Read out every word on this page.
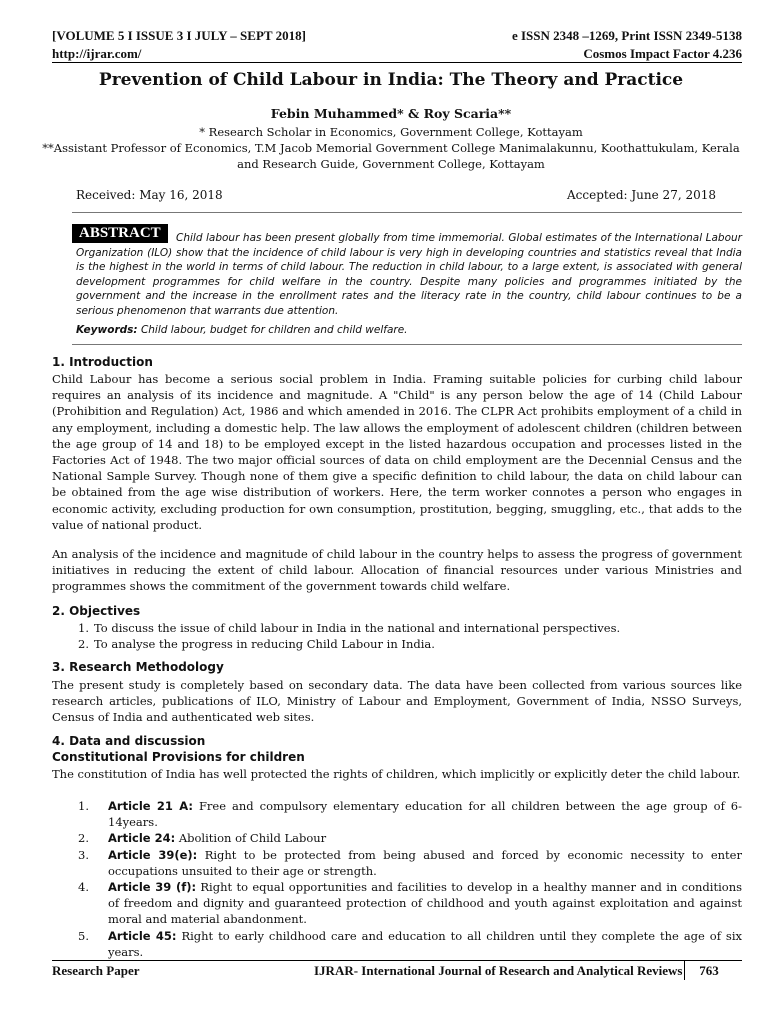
[VOLUME 5 I ISSUE 3 I JULY – SEPT 2018]	e ISSN 2348 –1269, Print ISSN 2349-5138
http://ijrar.com/	Cosmos Impact Factor 4.236
Prevention of Child Labour in India: The Theory and Practice
Febin Muhammed* & Roy Scaria**
* Research Scholar in Economics, Government College, Kottayam
**Assistant Professor of Economics, T.M Jacob Memorial Government College Manimalakunnu, Koothattukulam, Kerala and Research Guide, Government College, Kottayam
Received: May 16, 2018	Accepted: June 27, 2018
Child labour has been present globally from time immemorial. Global estimates of the International Labour Organization (ILO) show that the incidence of child labour is very high in developing countries and statistics reveal that India is the highest in the world in terms of child labour. The reduction in child labour, to a large extent, is associated with general development programmes for child welfare in the country. Despite many policies and programmes initiated by the government and the increase in the enrollment rates and the literacy rate in the country, child labour continues to be a serious phenomenon that warrants due attention.
ABSTRACT
Keywords: Child labour, budget for children and child welfare.
1. Introduction
Child Labour has become a serious social problem in India. Framing suitable policies for curbing child labour requires an analysis of its incidence and magnitude. A "Child" is any person below the age of 14 (Child Labour (Prohibition and Regulation) Act, 1986 and which amended in 2016. The CLPR Act prohibits employment of a child in any employment, including a domestic help. The law allows the employment of adolescent children (children between the age group of 14 and 18) to be employed except in the listed hazardous occupation and processes listed in the Factories Act of 1948. The two major official sources of data on child employment are the Decennial Census and the National Sample Survey. Though none of them give a specific definition to child labour, the data on child labour can be obtained from the age wise distribution of workers. Here, the term worker connotes a person who engages in economic activity, excluding production for own consumption, prostitution, begging, smuggling, etc., that adds to the value of national product.
An analysis of the incidence and magnitude of child labour in the country helps to assess the progress of government initiatives in reducing the extent of child labour. Allocation of financial resources under various Ministries and programmes shows the commitment of the government towards child welfare.
2. Objectives
1. To discuss the issue of child labour in India in the national and international perspectives.
2. To analyse the progress in reducing Child Labour in India.
3. Research Methodology
The present study is completely based on secondary data. The data have been collected from various sources like research articles, publications of ILO, Ministry of Labour and Employment, Government of India, NSSO Surveys, Census of India and authenticated web sites.
4. Data and discussion
Constitutional Provisions for children
The constitution of India has well protected the rights of children, which implicitly or explicitly deter the child labour.
1. Article 21 A: Free and compulsory elementary education for all children between the age group of 6-14years.
2. Article 24: Abolition of Child Labour
3. Article 39(e): Right to be protected from being abused and forced by economic necessity to enter occupations unsuited to their age or strength.
4. Article 39 (f): Right to equal opportunities and facilities to develop in a healthy manner and in conditions of freedom and dignity and guaranteed protection of childhood and youth against exploitation and against moral and material abandonment.
5. Article 45: Right to early childhood care and education to all children until they complete the age of six years.
Research Paper	IJRAR- International Journal of Research and Analytical Reviews	763
